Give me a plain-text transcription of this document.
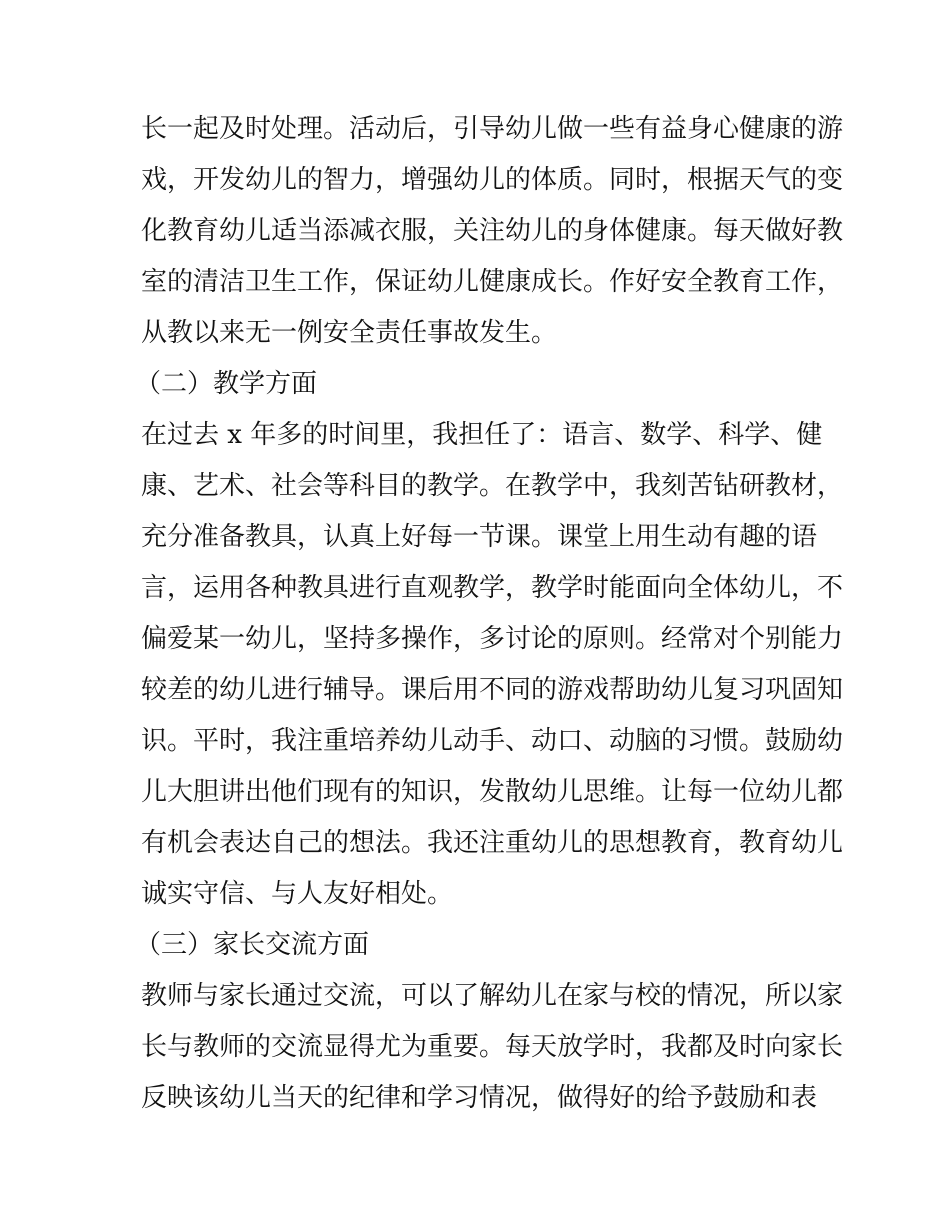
长一起及时处理。活动后，引导幼儿做一些有益身心健康的游
戏，开发幼儿的智力，增强幼儿的体质。同时，根据天气的变
化教育幼儿适当添减衣服，关注幼儿的身体健康。每天做好教
室的清洁卫生工作，保证幼儿健康成长。作好安全教育工作，
从教以来无一例安全责任事故发生。
（二）教学方面
在过去 x 年多的时间里，我担任了：语言、数学、科学、健
康、艺术、社会等科目的教学。在教学中，我刻苦钻研教材，
充分准备教具，认真上好每一节课。课堂上用生动有趣的语
言，运用各种教具进行直观教学，教学时能面向全体幼儿，不
偏爱某一幼儿，坚持多操作，多讨论的原则。经常对个别能力
较差的幼儿进行辅导。课后用不同的游戏帮助幼儿复习巩固知
识。平时，我注重培养幼儿动手、动口、动脑的习惯。鼓励幼
儿大胆讲出他们现有的知识，发散幼儿思维。让每一位幼儿都
有机会表达自己的想法。我还注重幼儿的思想教育，教育幼儿
诚实守信、与人友好相处。
（三）家长交流方面
教师与家长通过交流，可以了解幼儿在家与校的情况，所以家
长与教师的交流显得尤为重要。每天放学时，我都及时向家长
反映该幼儿当天的纪律和学习情况，做得好的给予鼓励和表
